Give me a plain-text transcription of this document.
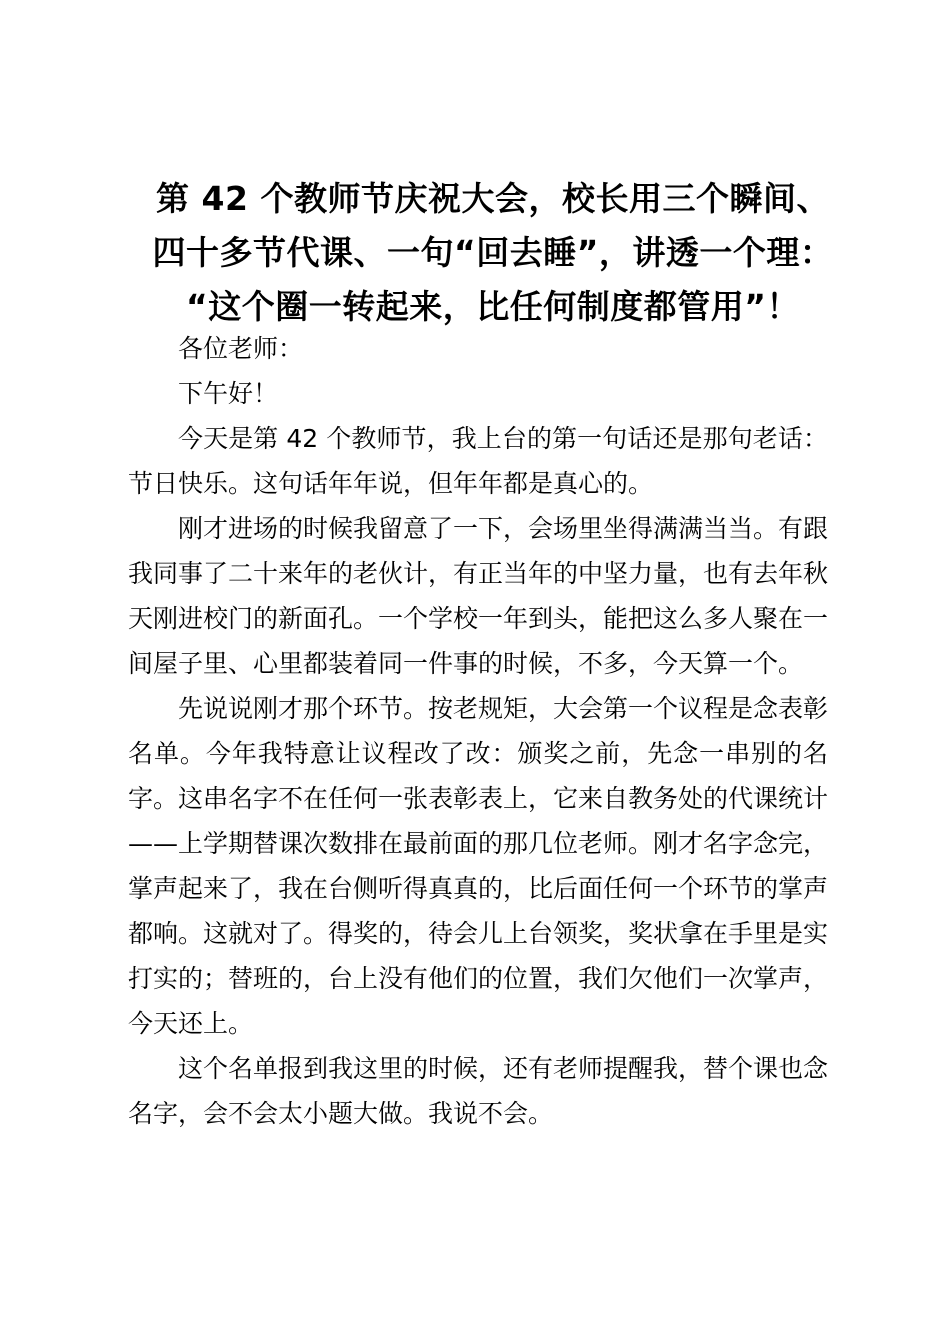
第 42 个教师节庆祝大会，校长用三个瞬间、
四十多节代课、一句“回去睡”，讲透一个理：
“这个圈一转起来，比任何制度都管用”！

各位老师：

下午好！

今天是第 42 个教师节，我上台的第一句话还是那句老话：节日快乐。这句话年年说，但年年都是真心的。

刚才进场的时候我留意了一下，会场里坐得满满当当。有跟我同事了二十来年的老伙计，有正当年的中坚力量，也有去年秋天刚进校门的新面孔。一个学校一年到头，能把这么多人聚在一间屋子里、心里都装着同一件事的时候，不多，今天算一个。

先说说刚才那个环节。按老规矩，大会第一个议程是念表彰名单。今年我特意让议程改了改：颁奖之前，先念一串别的名字。这串名字不在任何一张表彰表上，它来自教务处的代课统计——上学期替课次数排在最前面的那几位老师。刚才名字念完，掌声起来了，我在台侧听得真真的，比后面任何一个环节的掌声都响。这就对了。得奖的，待会儿上台领奖，奖状拿在手里是实打实的；替班的，台上没有他们的位置，我们欠他们一次掌声，今天还上。

这个名单报到我这里的时候，还有老师提醒我，替个课也念名字，会不会太小题大做。我说不会。
